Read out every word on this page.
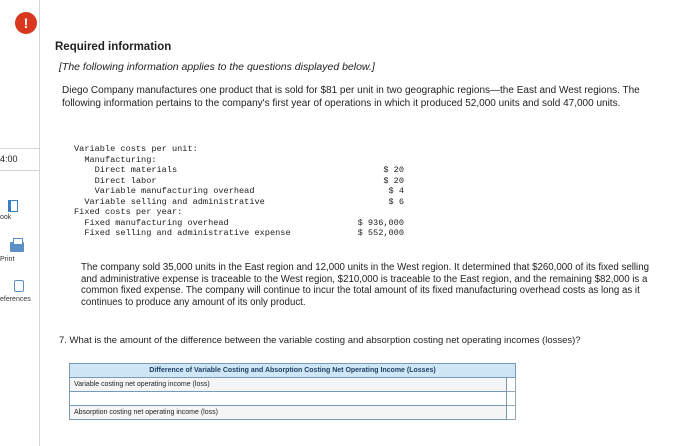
!
4:00
ook
Print
eferences
Required information
[The following information applies to the questions displayed below.]
Diego Company manufactures one product that is sold for $81 per unit in two geographic regions—the East and West regions. The following information pertains to the company's first year of operations in which it produced 52,000 units and sold 47,000 units.
Variable costs per unit:
Manufacturing:
Direct materials	$ 20
Direct labor	$ 20
Variable manufacturing overhead	$ 4
Variable selling and administrative	$ 6
Fixed costs per year:
Fixed manufacturing overhead	$ 936,000
Fixed selling and administrative expense	$ 552,000
The company sold 35,000 units in the East region and 12,000 units in the West region. It determined that $260,000 of its fixed selling and administrative expense is traceable to the West region, $210,000 is traceable to the East region, and the remaining $82,000 is a common fixed expense. The company will continue to incur the total amount of its fixed manufacturing overhead costs as long as it continues to produce any amount of its only product.
7. What is the amount of the difference between the variable costing and absorption costing net operating incomes (losses)?
Difference of Variable Costing and Absorption Costing Net Operating Income (Losses)	
Variable costing net operating income (loss)	

Absorption costing net operating income (loss)	
